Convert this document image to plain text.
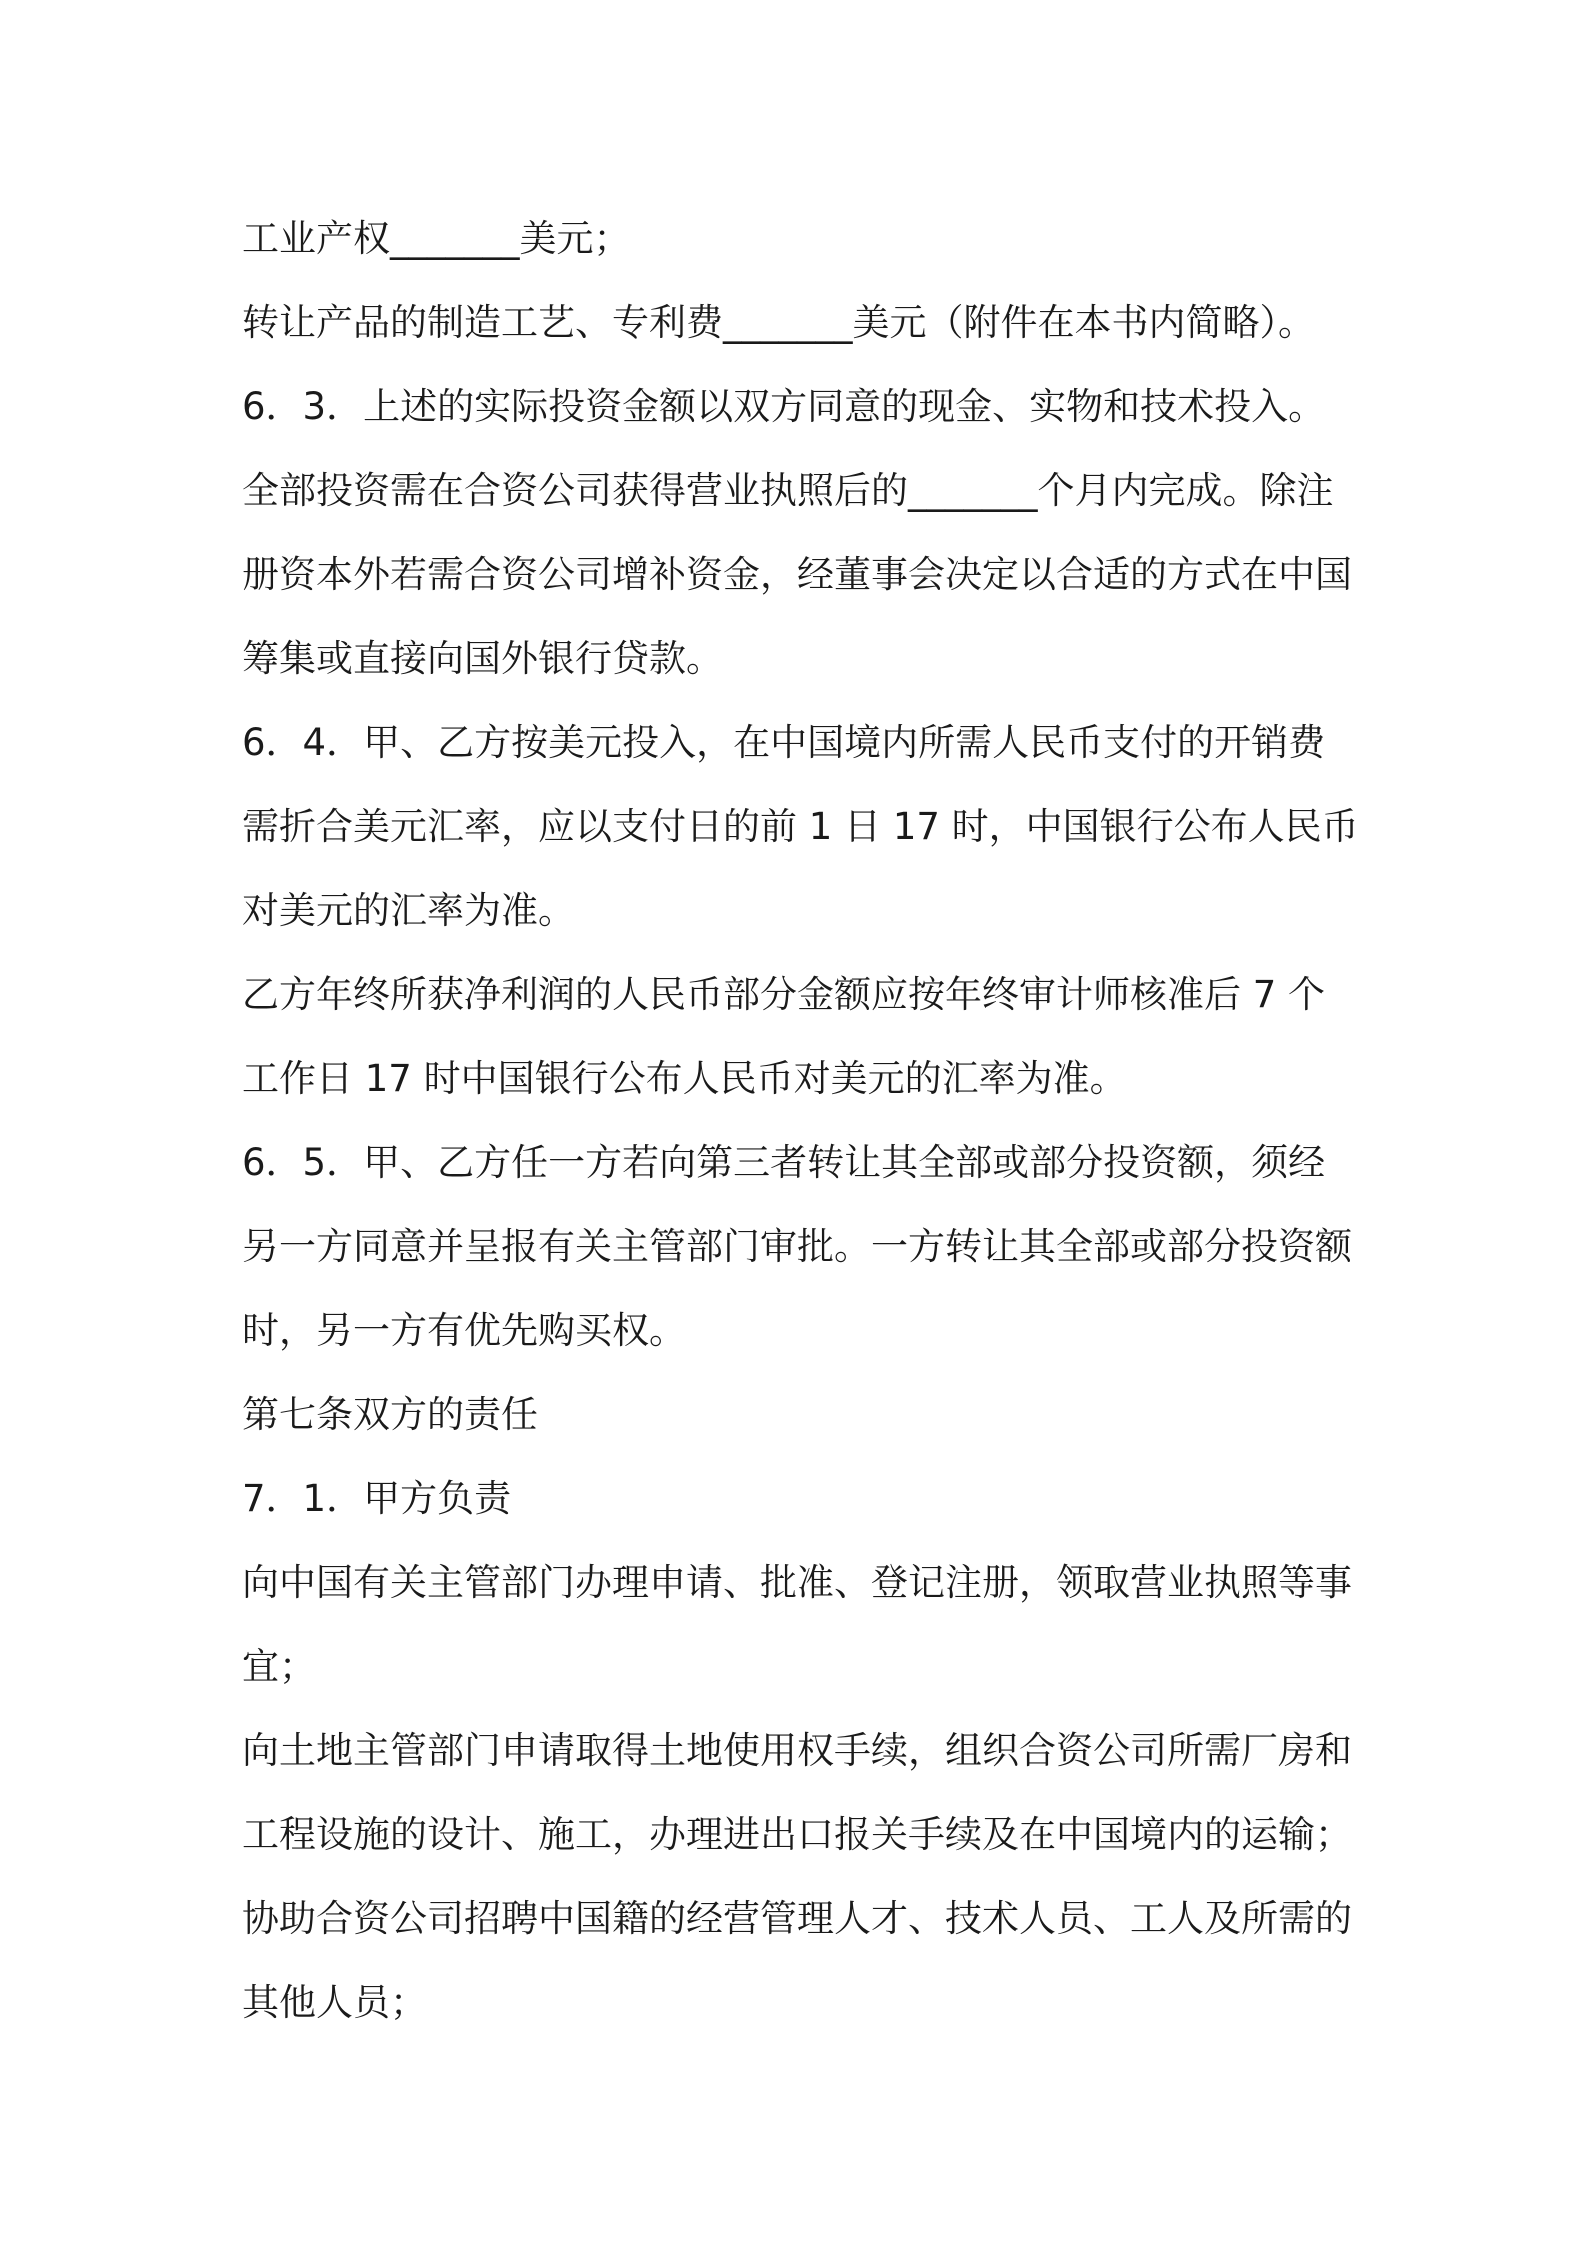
工业产权_______美元；
转让产品的制造工艺、专利费_______美元（附件在本书内简略）。
6．3．上述的实际投资金额以双方同意的现金、实物和技术投入。
全部投资需在合资公司获得营业执照后的_______个月内完成。除注
册资本外若需合资公司增补资金，经董事会决定以合适的方式在中国
筹集或直接向国外银行贷款。
6．4．甲、乙方按美元投入，在中国境内所需人民币支付的开销费
需折合美元汇率，应以支付日的前 1 日 17 时，中国银行公布人民币
对美元的汇率为准。
乙方年终所获净利润的人民币部分金额应按年终审计师核准后 7 个
工作日 17 时中国银行公布人民币对美元的汇率为准。
6．5．甲、乙方任一方若向第三者转让其全部或部分投资额，须经
另一方同意并呈报有关主管部门审批。一方转让其全部或部分投资额
时，另一方有优先购买权。
第七条双方的责任
7．1．甲方负责
向中国有关主管部门办理申请、批准、登记注册，领取营业执照等事
宜；
向土地主管部门申请取得土地使用权手续，组织合资公司所需厂房和
工程设施的设计、施工，办理进出口报关手续及在中国境内的运输；
协助合资公司招聘中国籍的经营管理人才、技术人员、工人及所需的
其他人员；
